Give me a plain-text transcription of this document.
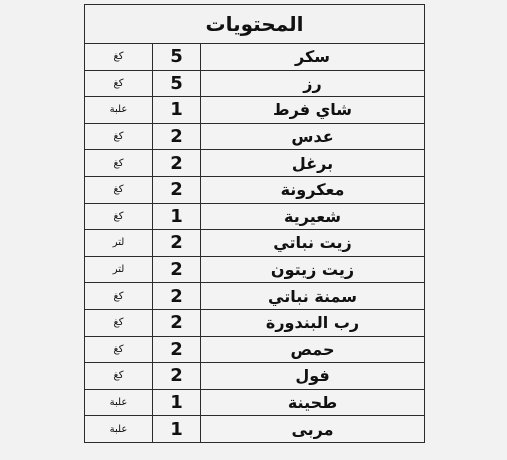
المحتويات		
سكر	5	كغ
رز	5	كغ
شاي فرط	1	علبة
عدس	2	كغ
برغل	2	كغ
معكرونة	2	كغ
شعيرية	1	كغ
زيت نباتي	2	لتر
زيت زيتون	2	لتر
سمنة نباتي	2	كغ
رب البندورة	2	كغ
حمص	2	كغ
فول	2	كغ
طحينة	1	علبة
مربى	1	علبة
